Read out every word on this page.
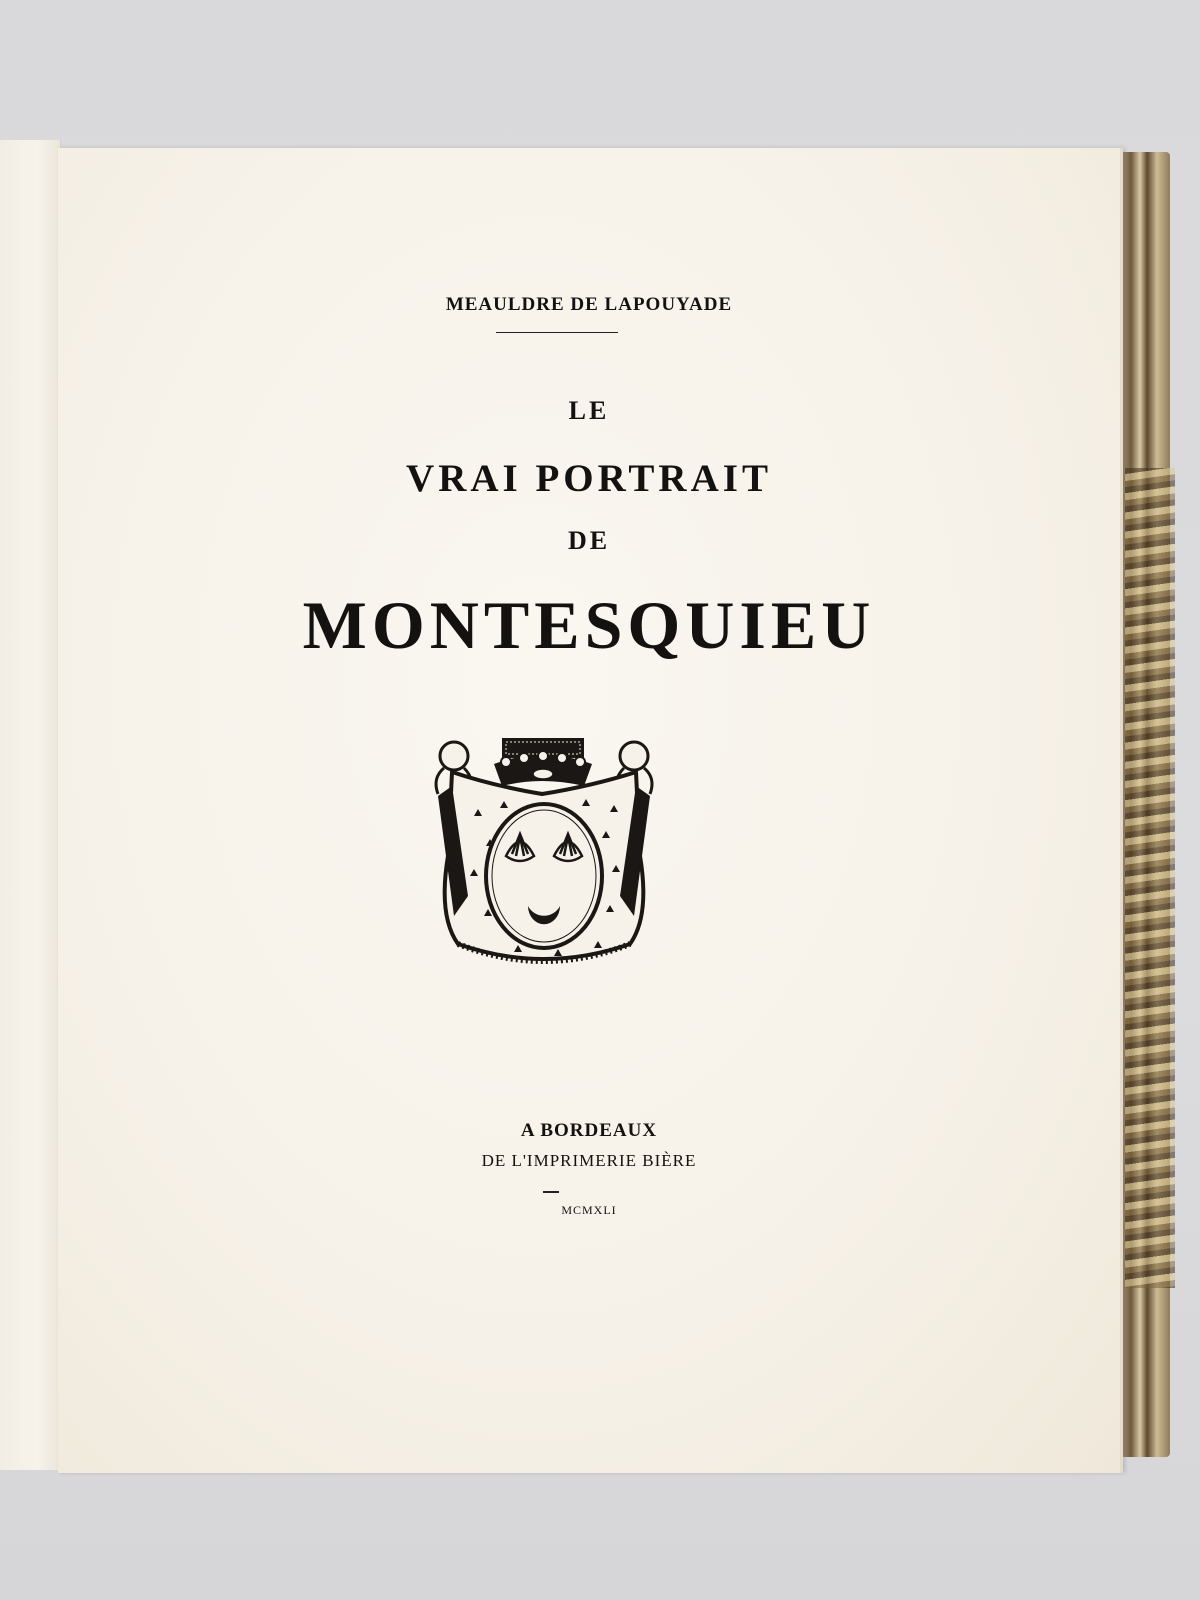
MEAULDRE DE LAPOUYADE
LE
VRAI PORTRAIT
DE
MONTESQUIEU
A BORDEAUX
DE L'IMPRIMERIE BIÈRE
MCMXLI
